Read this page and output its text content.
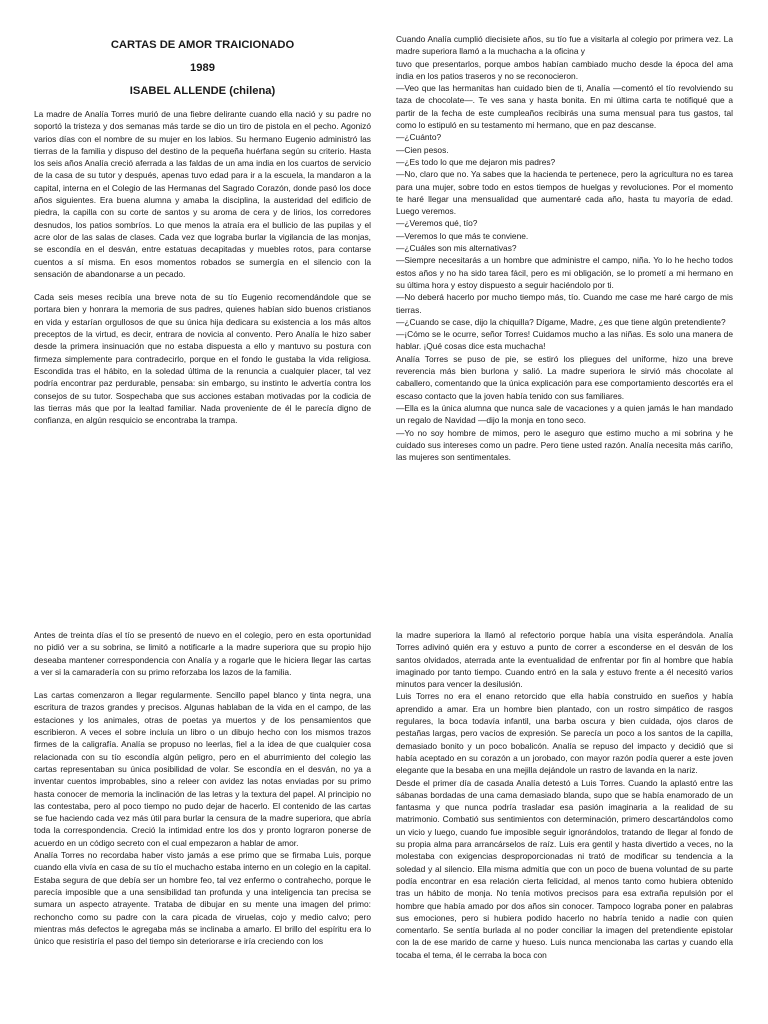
CARTAS DE AMOR TRAICIONADO
1989
ISABEL ALLENDE (chilena)

La madre de Analía Torres murió de una fiebre delirante cuando ella nació y su padre no soportó la tristeza y dos semanas más tarde se dio un tiro de pistola en el pecho. Agonizó varios días con el nombre de su mujer en los labios. Su hermano Eugenio administró las tierras de la familia y dispuso del destino de la pequeña huérfana según su criterio. Hasta los seis años Analía creció aferrada a las faldas de un ama india en los cuartos de servicio de la casa de su tutor y después, apenas tuvo edad para ir a la escuela, la mandaron a la capital, interna en el Colegio de las Hermanas del Sagrado Corazón, donde pasó los doce años siguientes. Era buena alumna y amaba la disciplina, la austeridad del edificio de piedra, la capilla con su corte de santos y su aroma de cera y de lirios, los corredores desnudos, los patios sombríos. Lo que menos la atraía era el bullicio de las pupilas y el acre olor de las salas de clases. Cada vez que lograba burlar la vigilancia de las monjas, se escondía en el desván, entre estatuas decapitadas y muebles rotos, para contarse cuentos a sí misma. En esos momentos robados se sumergía en el silencio con la sensación de abandonarse a un pecado.

Cada seis meses recibía una breve nota de su tío Eugenio recomendándole que se portara bien y honrara la memoria de sus padres, quienes habían sido buenos cristianos en vida y estarían orgullosos de que su única hija dedicara su existencia a los más altos preceptos de la virtud, es decir, entrara de novicia al convento. Pero Analía le hizo saber desde la primera insinuación que no estaba dispuesta a ello y mantuvo su postura con firmeza simplemente para contradecirlo, porque en el fondo le gustaba la vida religiosa. Escondida tras el hábito, en la soledad última de la renuncia a cualquier placer, tal vez podría encontrar paz perdurable, pensaba: sin embargo, su instinto le advertía contra los consejos de su tutor. Sospechaba que sus acciones estaban motivadas por la codicia de las tierras más que por la lealtad familiar. Nada proveniente de él le parecía digno de confianza, en algún resquicio se encontraba la trampa.

Cuando Analía cumplió diecisiete años, su tío fue a visitarla al colegio por primera vez. La madre superiora llamó a la muchacha a la oficina y

tuvo que presentarlos, porque ambos habían cambiado mucho desde la época del ama india en los patios traseros y no se reconocieron.

—Veo que las hermanitas han cuidado bien de ti, Analía —comentó el tío revolviendo su taza de chocolate—. Te ves sana y hasta bonita. En mi última carta te notifiqué que a partir de la fecha de este cumpleaños recibirás una suma mensual para tus gastos, tal como lo estipuló en su testamento mi hermano, que en paz descanse.

—¿Cuánto?

—Cien pesos.

—¿Es todo lo que me dejaron mis padres?

—No, claro que no. Ya sabes que la hacienda te pertenece, pero la agricultura no es tarea para una mujer, sobre todo en estos tiempos de huelgas y revoluciones. Por el momento te haré llegar una mensualidad que aumentaré cada año, hasta tu mayoría de edad. Luego veremos.

—¿Veremos qué, tío?

—Veremos lo que más te conviene.

—¿Cuáles son mis alternativas?

—Siempre necesitarás a un hombre que administre el campo, niña. Yo lo he hecho todos estos años y no ha sido tarea fácil, pero es mi obligación, se lo prometí a mi hermano en su última hora y estoy dispuesto a seguir haciéndolo por ti.

—No deberá hacerlo por mucho tiempo más, tío. Cuando me case me haré cargo de mis tierras.

—¿Cuando se case, dijo la chiquilla? Dígame, Madre, ¿es que tiene algún pretendiente?

—¡Cómo se le ocurre, señor Torres! Cuidamos mucho a las niñas. Es solo una manera de hablar. ¡Qué cosas dice esta muchacha!

Analía Torres se puso de pie, se estiró los pliegues del uniforme, hizo una breve reverencia más bien burlona y salió. La madre superiora le sirvió más chocolate al caballero, comentando que la única explicación para ese comportamiento descortés era el escaso contacto que la joven había tenido con sus familiares.

—Ella es la única alumna que nunca sale de vacaciones y a quien jamás le han mandado un regalo de Navidad —dijo la monja en tono seco.

—Yo no soy hombre de mimos, pero le aseguro que estimo mucho a mi sobrina y he cuidado sus intereses como un padre. Pero tiene usted razón. Analía necesita más cariño, las mujeres son sentimentales.

Antes de treinta días el tío se presentó de nuevo en el colegio, pero en esta oportunidad no pidió ver a su sobrina, se limitó a notificarle a la madre superiora que su propio hijo deseaba mantener correspondencia con Analía y a rogarle que le hiciera llegar las cartas a ver si la camaradería con su primo reforzaba los lazos de la familia.

Las cartas comenzaron a llegar regularmente. Sencillo papel blanco y tinta negra, una escritura de trazos grandes y precisos. Algunas hablaban de la vida en el campo, de las estaciones y los animales, otras de poetas ya muertos y de los pensamientos que escribieron. A veces el sobre incluía un libro o un dibujo hecho con los mismos trazos firmes de la caligrafía. Analía se propuso no leerlas, fiel a la idea de que cualquier cosa relacionada con su tío escondía algún peligro, pero en el aburrimiento del colegio las cartas representaban su única posibilidad de volar. Se escondía en el desván, no ya a inventar cuentos improbables, sino a releer con avidez las notas enviadas por su primo hasta conocer de memoria la inclinación de las letras y la textura del papel. Al principio no las contestaba, pero al poco tiempo no pudo dejar de hacerlo. El contenido de las cartas se fue haciendo cada vez más útil para burlar la censura de la madre superiora, que abría toda la correspondencia. Creció la intimidad entre los dos y pronto lograron ponerse de acuerdo en un código secreto con el cual empezaron a hablar de amor.

Analía Torres no recordaba haber visto jamás a ese primo que se firmaba Luis, porque cuando ella vivía en casa de su tío el muchacho estaba interno en un colegio en la capital. Estaba segura de que debía ser un hombre feo, tal vez enfermo o contrahecho, porque le parecía imposible que a una sensibilidad tan profunda y una inteligencia tan precisa se sumara un aspecto atrayente. Trataba de dibujar en su mente una imagen del primo: rechoncho como su padre con la cara picada de viruelas, cojo y medio calvo; pero mientras más defectos le agregaba más se inclinaba a amarlo. El brillo del espíritu era lo único que resistiría el paso del tiempo sin deteriorarse e iría creciendo con los

la madre superiora la llamó al refectorio porque había una visita esperándola. Analía Torres adivinó quién era y estuvo a punto de correr a esconderse en el desván de los santos olvidados, aterrada ante la eventualidad de enfrentar por fin al hombre que había imaginado por tanto tiempo. Cuando entró en la sala y estuvo frente a él necesitó varios minutos para vencer la desilusión.

Luis Torres no era el enano retorcido que ella había construido en sueños y había aprendido a amar. Era un hombre bien plantado, con un rostro simpático de rasgos regulares, la boca todavía infantil, una barba oscura y bien cuidada, ojos claros de pestañas largas, pero vacíos de expresión. Se parecía un poco a los santos de la capilla, demasiado bonito y un poco bobalicón. Analía se repuso del impacto y decidió que si había aceptado en su corazón a un jorobado, con mayor razón podía querer a este joven elegante que la besaba en una mejilla dejándole un rastro de lavanda en la nariz.

Desde el primer día de casada Analía detestó a Luis Torres. Cuando la aplastó entre las sábanas bordadas de una cama demasiado blanda, supo que se había enamorado de un fantasma y que nunca podría trasladar esa pasión imaginaria a la realidad de su matrimonio. Combatió sus sentimientos con determinación, primero descartándolos como un vicio y luego, cuando fue imposible seguir ignorándolos, tratando de llegar al fondo de su propia alma para arrancárselos de raíz. Luis era gentil y hasta divertido a veces, no la molestaba con exigencias desproporcionadas ni trató de modificar su tendencia a la soledad y al silencio. Ella misma admitía que con un poco de buena voluntad de su parte podía encontrar en esa relación cierta felicidad, al menos tanto como hubiera obtenido tras un hábito de monja. No tenía motivos precisos para esa extraña repulsión por el hombre que había amado por dos años sin conocer. Tampoco lograba poner en palabras sus emociones, pero si hubiera podido hacerlo no habría tenido a nadie con quien comentarlo. Se sentía burlada al no poder conciliar la imagen del pretendiente epistolar con la de ese marido de carne y hueso. Luis nunca mencionaba las cartas y cuando ella tocaba el tema, él le cerraba la boca con
